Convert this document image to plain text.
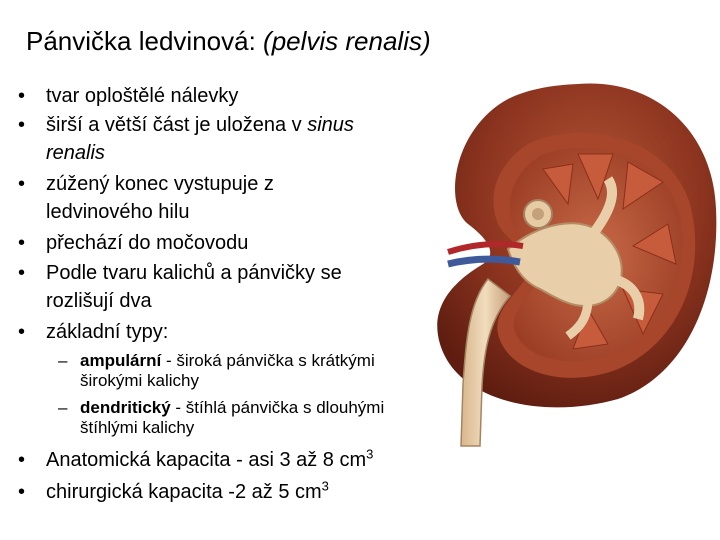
Pánvička ledvinová: (pelvis renalis)
•	tvar oploštělé nálevky
•	širší a větší část je uložena v sinus
renalis
•	zúžený konec vystupuje z
ledvinového hilu
•	přechází do močovodu
•	Podle tvaru kalichů a pánvičky se
rozlišují dva
•	základní typy:
– ampulární - široká pánvička s krátkými
širokými kalichy
– dendritický - štíhlá pánvička s dlouhými
štíhlými kalichy
•	Anatomická kapacita - asi 3 až 8 $cm^3$
•	chirurgická kapacita -2 až 5 $cm^3$
